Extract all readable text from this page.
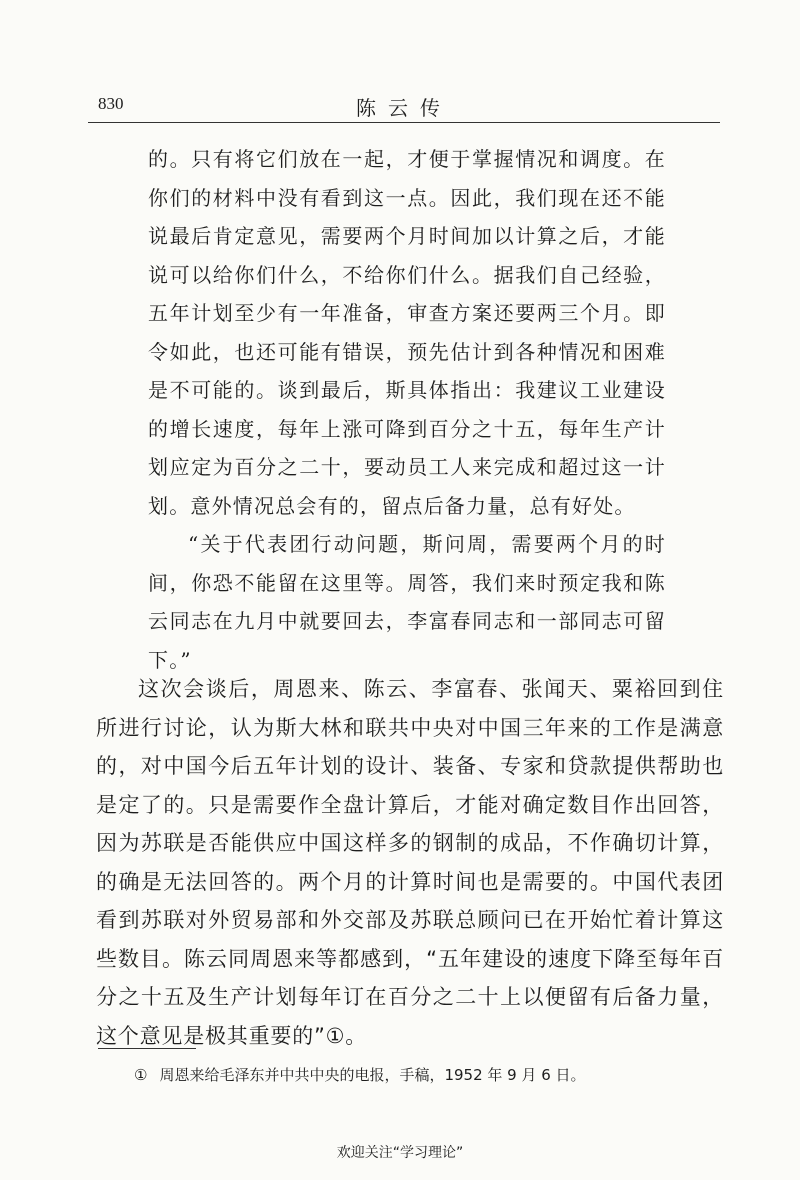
830	陈云传

的。只有将它们放在一起，才便于掌握情况和调度。在你们的材料中没有看到这一点。因此，我们现在还不能说最后肯定意见，需要两个月时间加以计算之后，才能说可以给你们什么，不给你们什么。据我们自己经验，五年计划至少有一年准备，审查方案还要两三个月。即令如此，也还可能有错误，预先估计到各种情况和困难是不可能的。谈到最后，斯具体指出：我建议工业建设的增长速度，每年上涨可降到百分之十五，每年生产计划应定为百分之二十，要动员工人来完成和超过这一计划。意外情况总会有的，留点后备力量，总有好处。

“关于代表团行动问题，斯问周，需要两个月的时间，你恐不能留在这里等。周答，我们来时预定我和陈云同志在九月中就要回去，李富春同志和一部同志可留下。”

这次会谈后，周恩来、陈云、李富春、张闻天、粟裕回到住所进行讨论，认为斯大林和联共中央对中国三年来的工作是满意的，对中国今后五年计划的设计、装备、专家和贷款提供帮助也是定了的。只是需要作全盘计算后，才能对确定数目作出回答，因为苏联是否能供应中国这样多的钢制的成品，不作确切计算，的确是无法回答的。两个月的计算时间也是需要的。中国代表团看到苏联对外贸易部和外交部及苏联总顾问已在开始忙着计算这些数目。陈云同周恩来等都感到，“五年建设的速度下降至每年百分之十五及生产计划每年订在百分之二十上以便留有后备力量，这个意见是极其重要的”①。

① 周恩来给毛泽东并中共中央的电报，手稿，1952 年 9 月 6 日。
欢迎关注“学习理论”
